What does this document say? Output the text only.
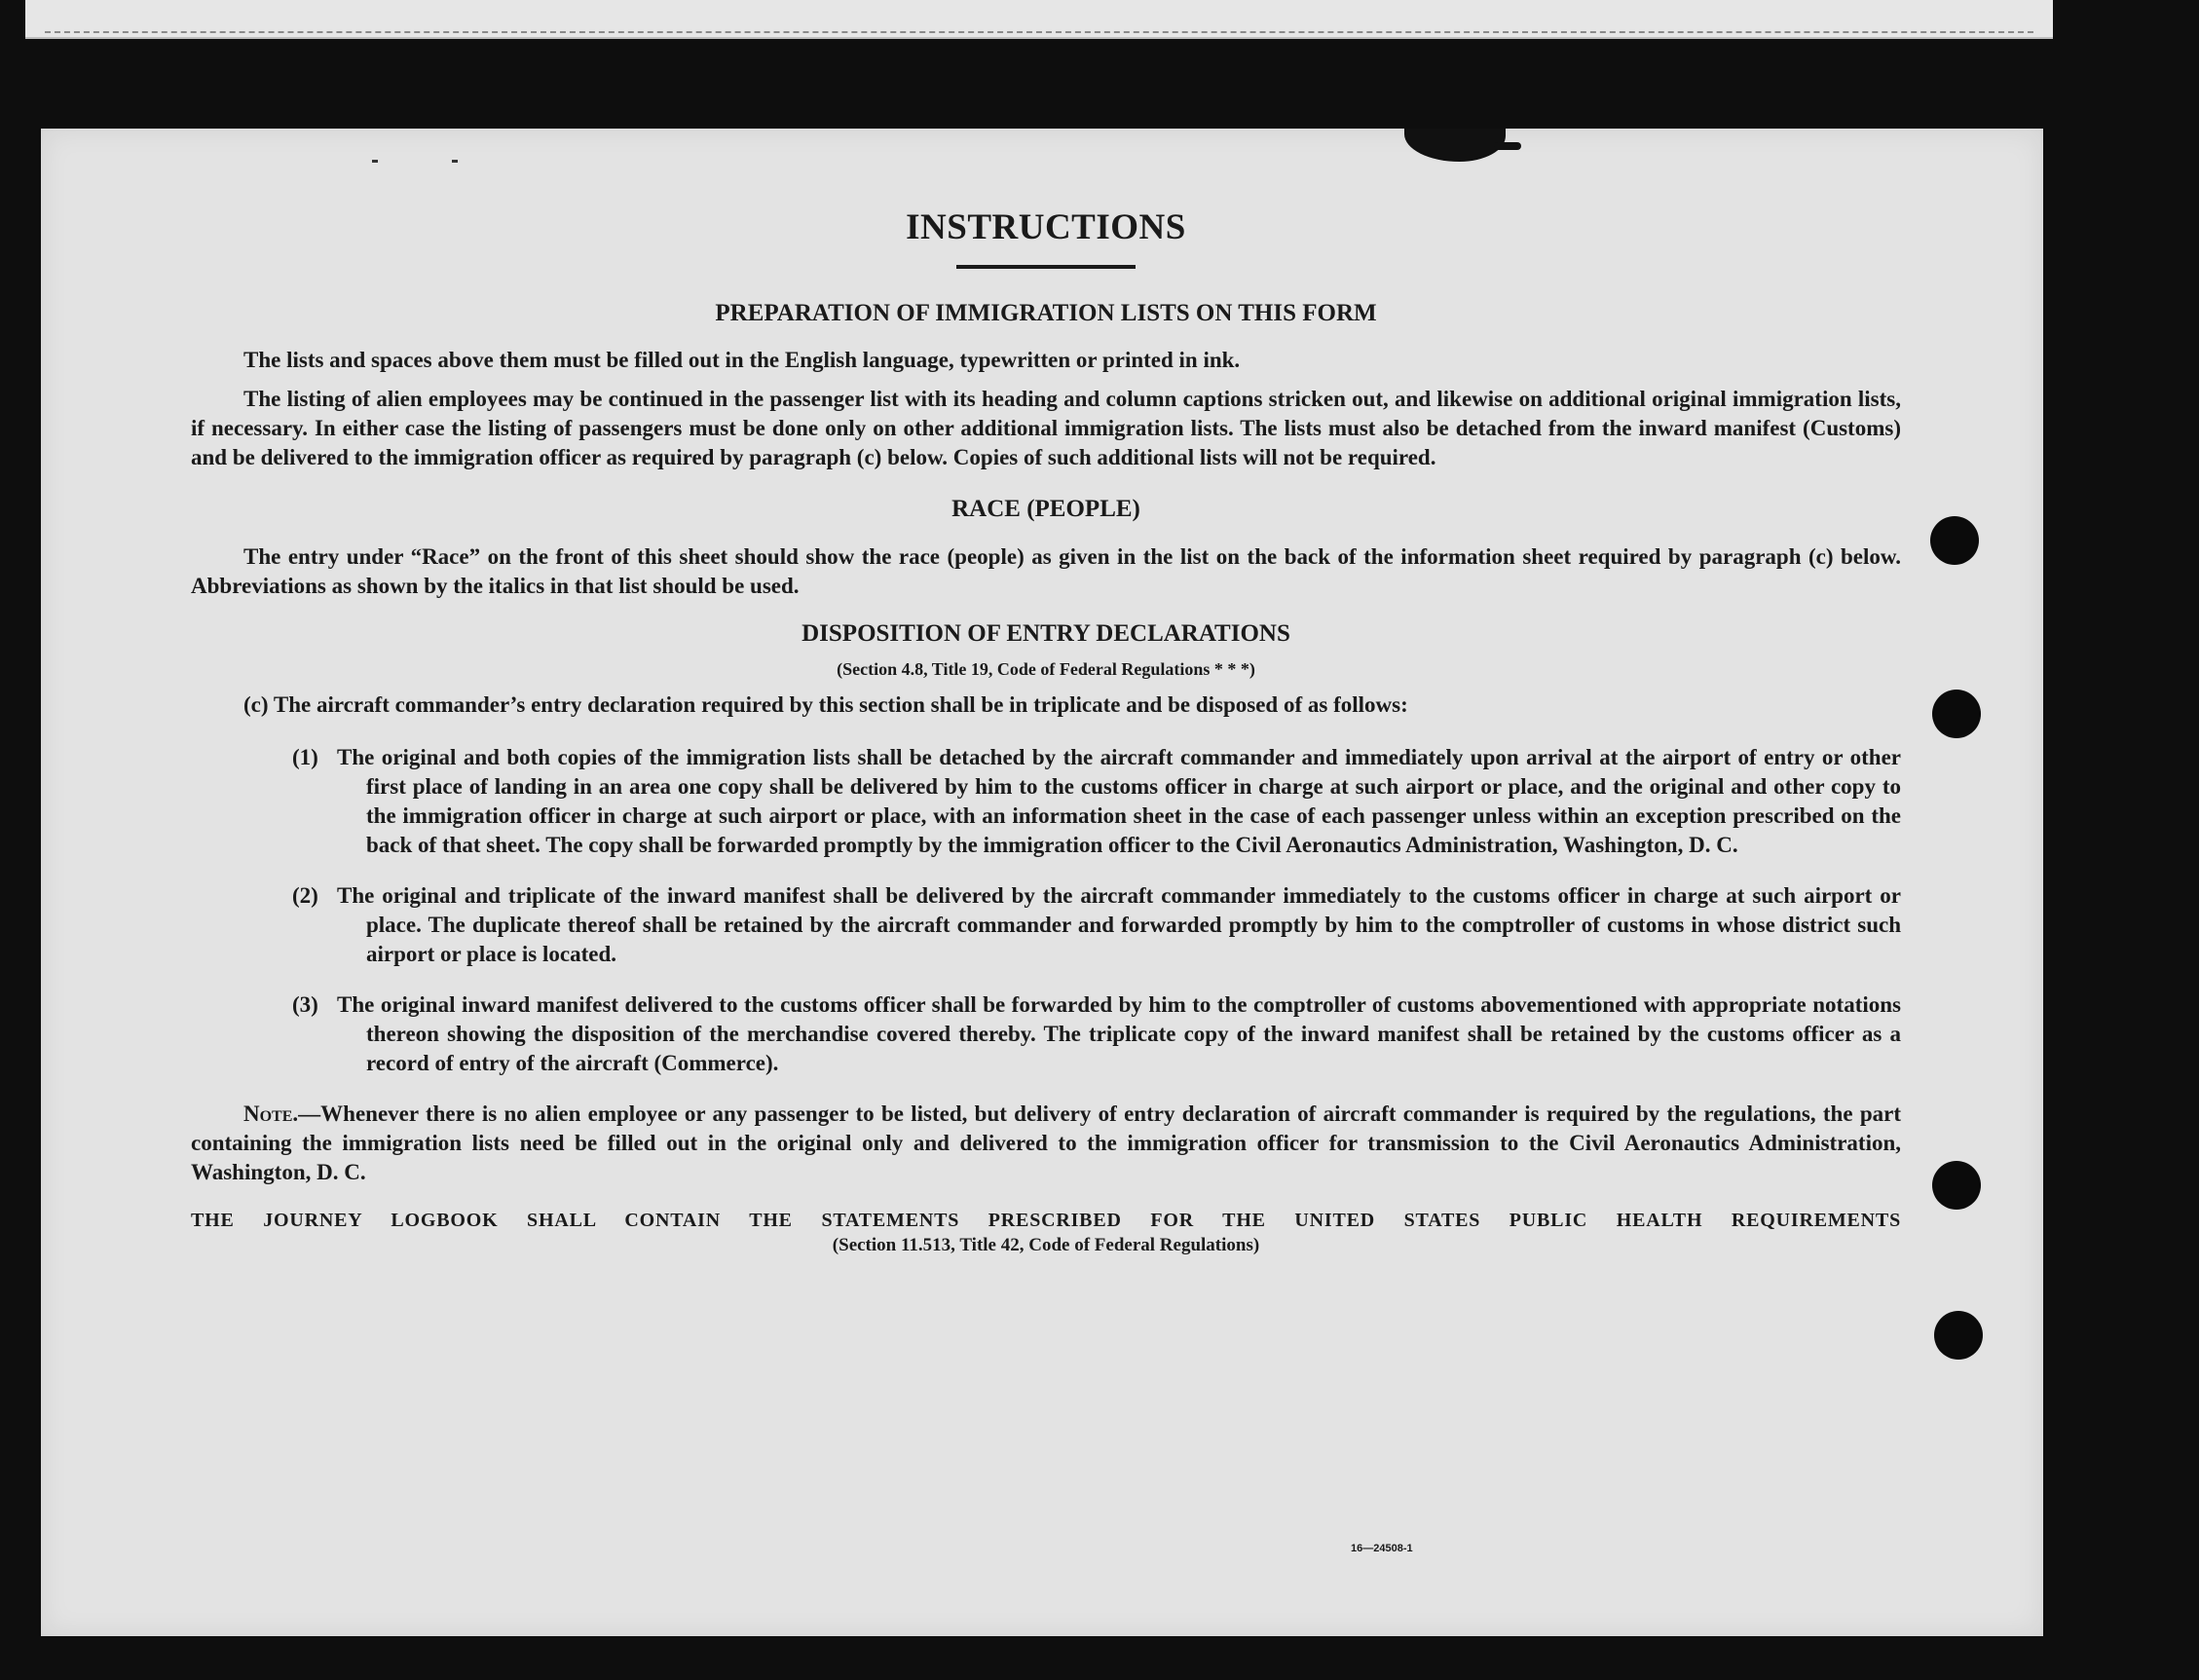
INSTRUCTIONS
PREPARATION OF IMMIGRATION LISTS ON THIS FORM

The lists and spaces above them must be filled out in the English language, typewritten or printed in ink.

The listing of alien employees may be continued in the passenger list with its heading and column captions stricken out, and likewise on additional original immigration lists, if necessary. In either case the listing of passengers must be done only on other additional immigration lists. The lists must also be detached from the inward manifest (Customs) and be delivered to the immigration officer as required by paragraph (c) below. Copies of such additional lists will not be required.

RACE (PEOPLE)

The entry under “Race” on the front of this sheet should show the race (people) as given in the list on the back of the information sheet required by paragraph (c) below. Abbreviations as shown by the italics in that list should be used.

DISPOSITION OF ENTRY DECLARATIONS
(Section 4.8, Title 19, Code of Federal Regulations * * *)

(c) The aircraft commander’s entry declaration required by this section shall be in triplicate and be disposed of as follows:

(1) The original and both copies of the immigration lists shall be detached by the aircraft commander and immediately upon arrival at the airport of entry or other first place of landing in an area one copy shall be delivered by him to the customs officer in charge at such airport or place, and the original and other copy to the immigration officer in charge at such airport or place, with an information sheet in the case of each passenger unless within an exception prescribed on the back of that sheet. The copy shall be forwarded promptly by the immigration officer to the Civil Aeronautics Administration, Washington, D. C.
(2) The original and triplicate of the inward manifest shall be delivered by the aircraft commander immediately to the customs officer in charge at such airport or place. The duplicate thereof shall be retained by the aircraft commander and forwarded promptly by him to the comptroller of customs in whose district such airport or place is located.
(3) The original inward manifest delivered to the customs officer shall be forwarded by him to the comptroller of customs abovementioned with appropriate notations thereon showing the disposition of the merchandise covered thereby. The triplicate copy of the inward manifest shall be retained by the customs officer as a record of entry of the aircraft (Commerce).

Note.—Whenever there is no alien employee or any passenger to be listed, but delivery of entry declaration of aircraft commander is required by the regulations, the part containing the immigration lists need be filled out in the original only and delivered to the immigration officer for transmission to the Civil Aeronautics Administration, Washington, D. C.

THE JOURNEY LOGBOOK SHALL CONTAIN THE STATEMENTS PRESCRIBED FOR THE UNITED STATES PUBLIC HEALTH REQUIREMENTS

(Section 11.513, Title 42, Code of Federal Regulations)
16—24508-1
